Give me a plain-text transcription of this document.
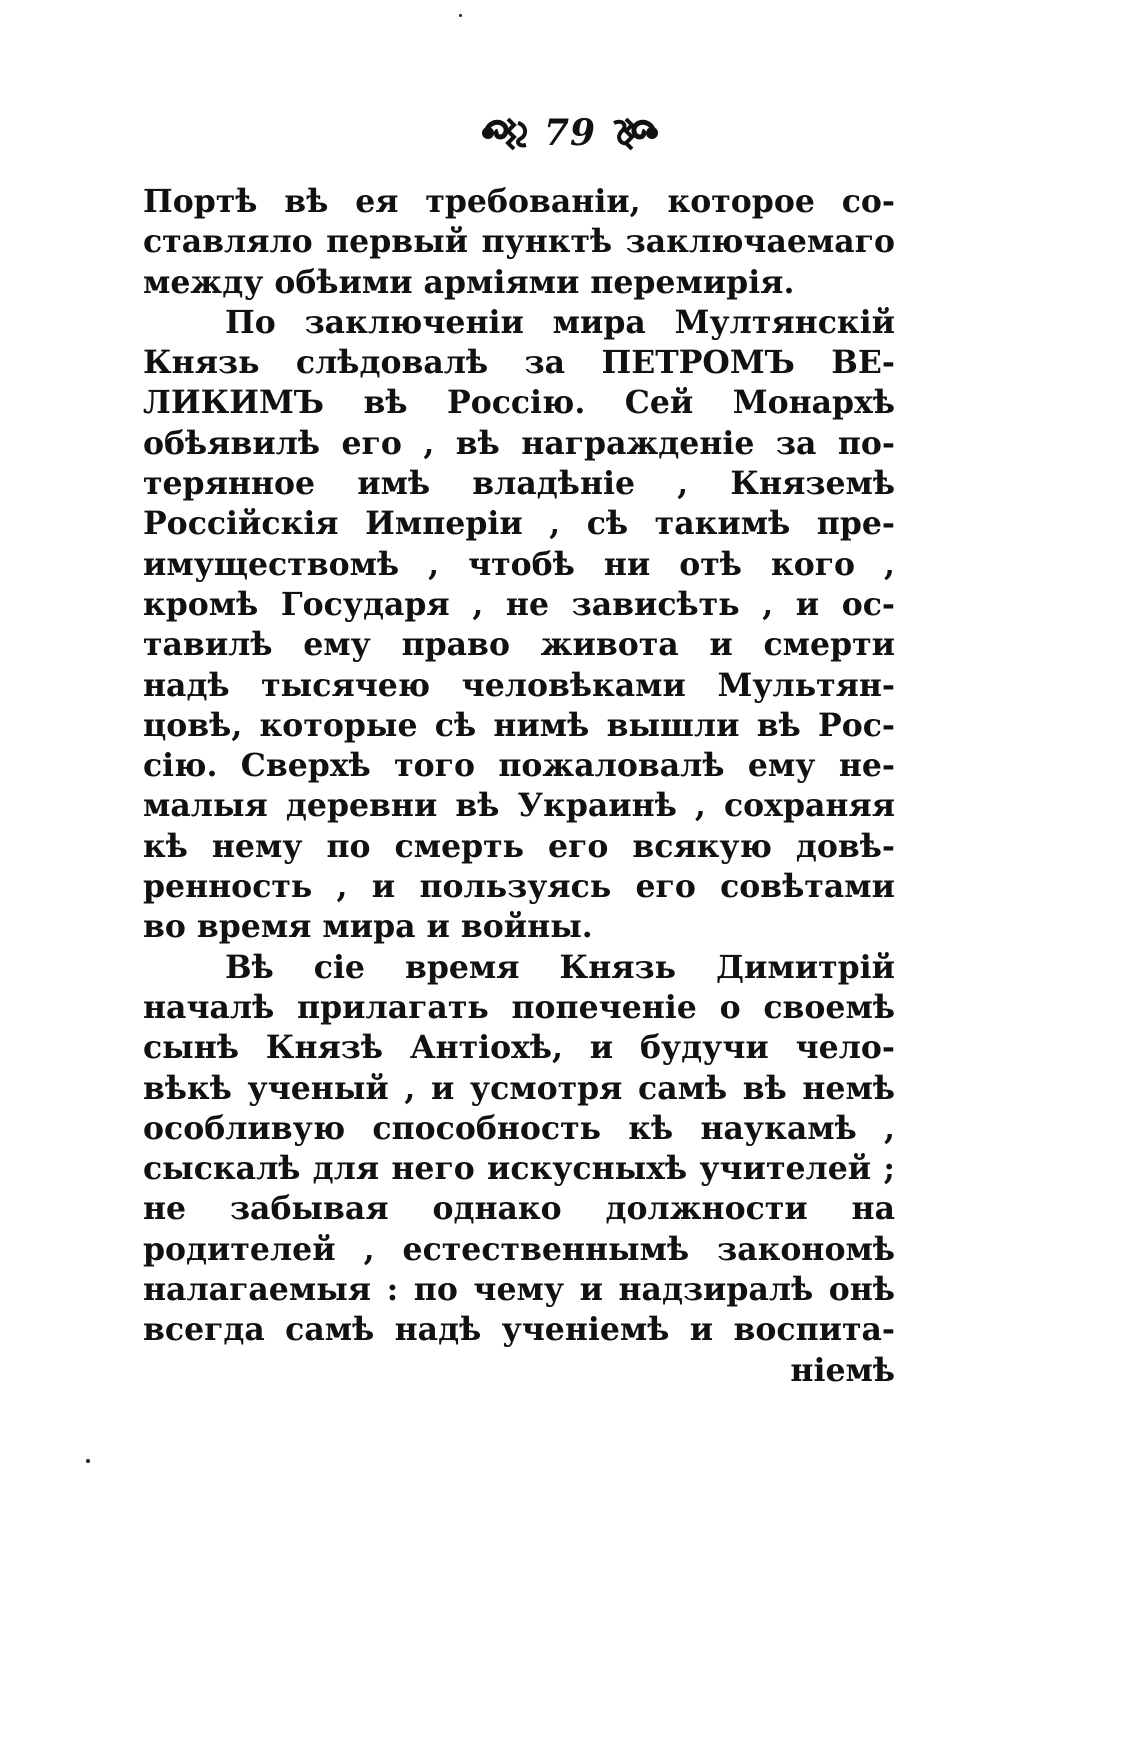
79
Портѣ вѣ ея требованіи, которое со-
ставляло первый пунктѣ заключаемаго
между обѣими арміями перемирія.
По заключеніи мира Мултянскій
Князь слѣдовалѣ за ПЕТРОМЪ ВЕ-
ЛИКИМЪ вѣ Россію. Сей Монархѣ
обѣявилѣ его , вѣ награжденіе за по-
терянное имѣ владѣніе , Княземѣ
Россійскія Имперіи , сѣ такимѣ пре-
имуществомѣ , чтобѣ ни отѣ кого ,
кромѣ Государя , не зависѣть , и ос-
тавилѣ ему право живота и смерти
надѣ тысячею человѣками Мультян-
цовѣ, которые сѣ нимѣ вышли вѣ Рос-
сію. Сверхѣ того пожаловалѣ ему не-
малыя деревни вѣ Украинѣ , сохраняя
кѣ нему по смерть его всякую довѣ-
ренность , и пользуясь его совѣтами
во время мира и войны.
Вѣ сіе время Князь Димитрій
началѣ прилагать попеченіе о своемѣ
сынѣ Князѣ Антіохѣ, и будучи чело-
вѣкѣ ученый , и усмотря самѣ вѣ немѣ
особливую способность кѣ наукамѣ ,
сыскалѣ для него искусныхѣ учителей ;
не забывая однако должности на
родителей , естественнымѣ закономѣ
налагаемыя : по чему и надзиралѣ онѣ
всегда самѣ надѣ ученіемѣ и воспита-
ніемѣ
